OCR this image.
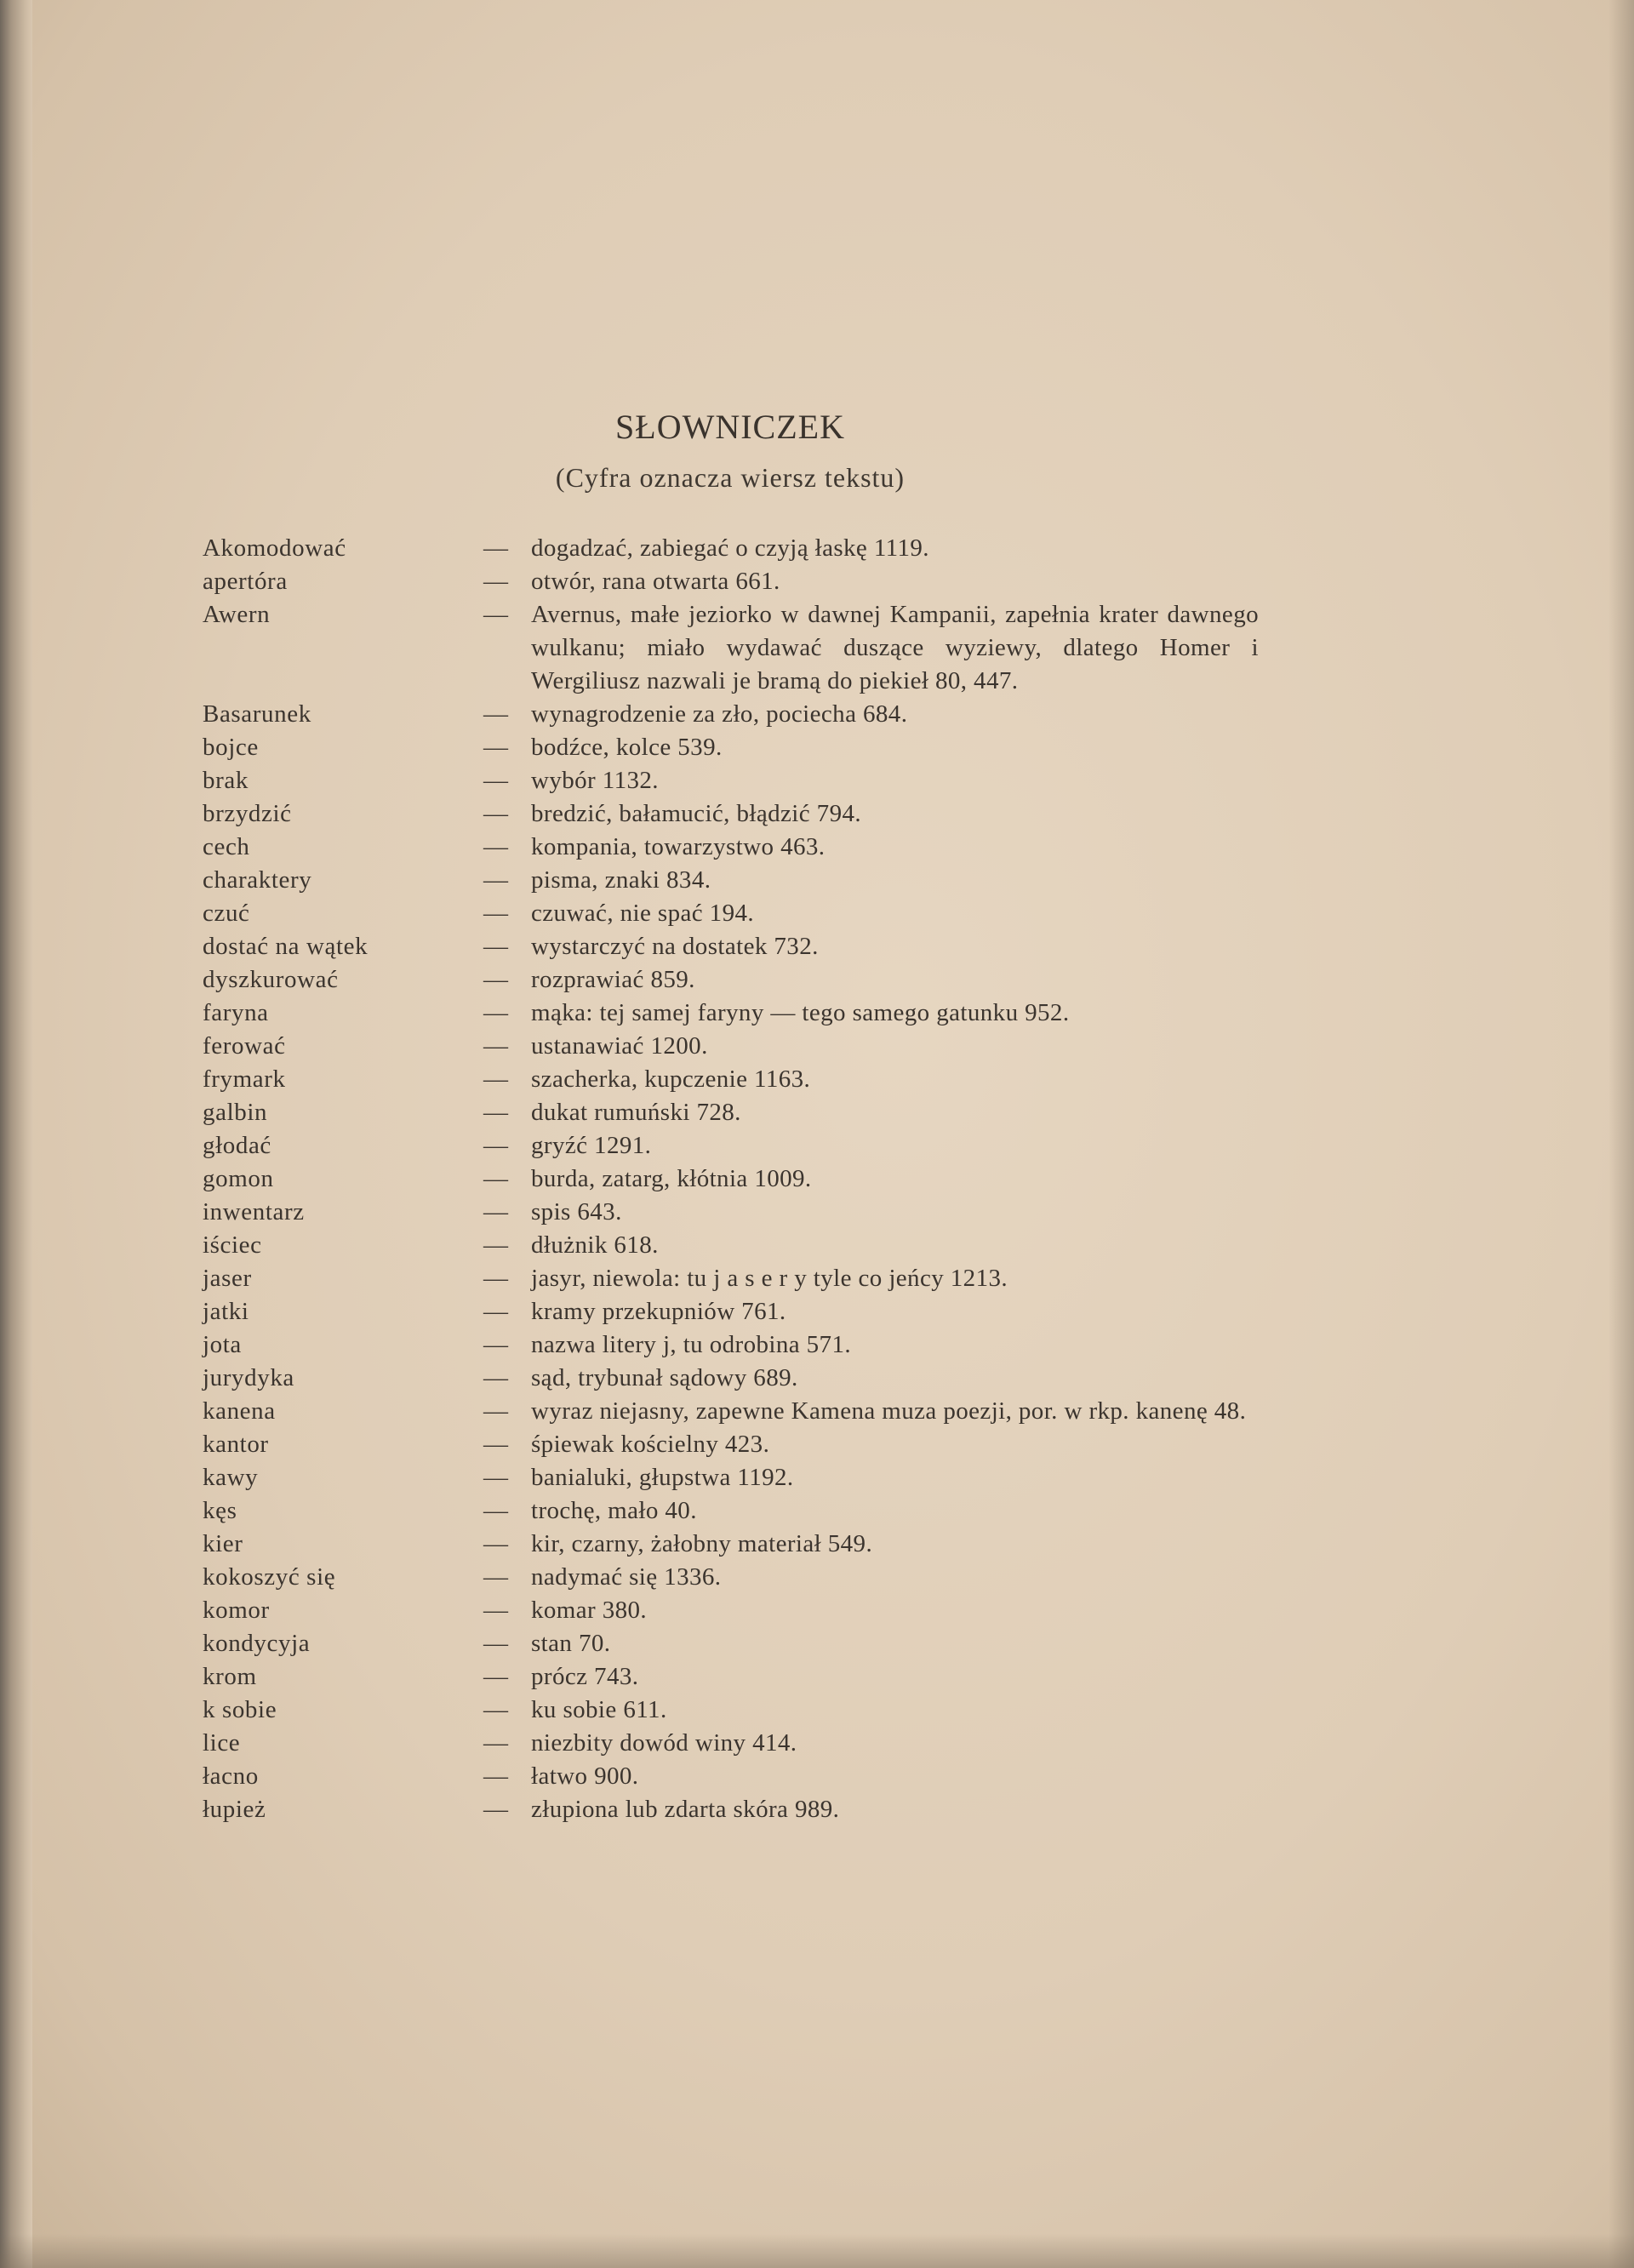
SŁOWNICZEK
(Cyfra oznacza wiersz tekstu)
Akomodować	— dogadzać, zabiegać o czyją łaskę 1119.
apertóra	— otwór, rana otwarta 661.
Awern	— Avernus, małe jeziorko w dawnej Kampanii, zapełnia krater dawnego wulkanu; miało wydawać duszące wyziewy, dlatego Homer i Wergiliusz nazwali je bramą do piekieł 80, 447.
Basarunek	— wynagrodzenie za zło, pociecha 684.
bojce	— bodźce, kolce 539.
brak	— wybór 1132.
brzydzić	— bredzić, bałamucić, błądzić 794.
cech	— kompania, towarzystwo 463.
charaktery	— pisma, znaki 834.
czuć	— czuwać, nie spać 194.
dostać na wątek	— wystarczyć na dostatek 732.
dyszkurować	— rozprawiać 859.
faryna	— mąka: tej samej faryny — tego samego gatunku 952.
ferować	— ustanawiać 1200.
frymark	— szacherka, kupczenie 1163.
galbin	— dukat rumuński 728.
głodać	— gryźć 1291.
gomon	— burda, zatarg, kłótnia 1009.
inwentarz	— spis 643.
iściec	— dłużnik 618.
jaser	— jasyr, niewola: tu j a s e r y tyle co jeńcy 1213.
jatki	— kramy przekupniów 761.
jota	— nazwa litery j, tu odrobina 571.
jurydyka	— sąd, trybunał sądowy 689.
kanena	— wyraz niejasny, zapewne Kamena muza poezji, por. w rkp. kanenę 48.
kantor	— śpiewak kościelny 423.
kawy	— banialuki, głupstwa 1192.
kęs	— trochę, mało 40.
kier	— kir, czarny, żałobny materiał 549.
kokoszyć się	— nadymać się 1336.
komor	— komar 380.
kondycyja	— stan 70.
krom	— prócz 743.
k sobie	— ku sobie 611.
lice	— niezbity dowód winy 414.
łacno	— łatwo 900.
łupież	— złupiona lub zdarta skóra 989.
